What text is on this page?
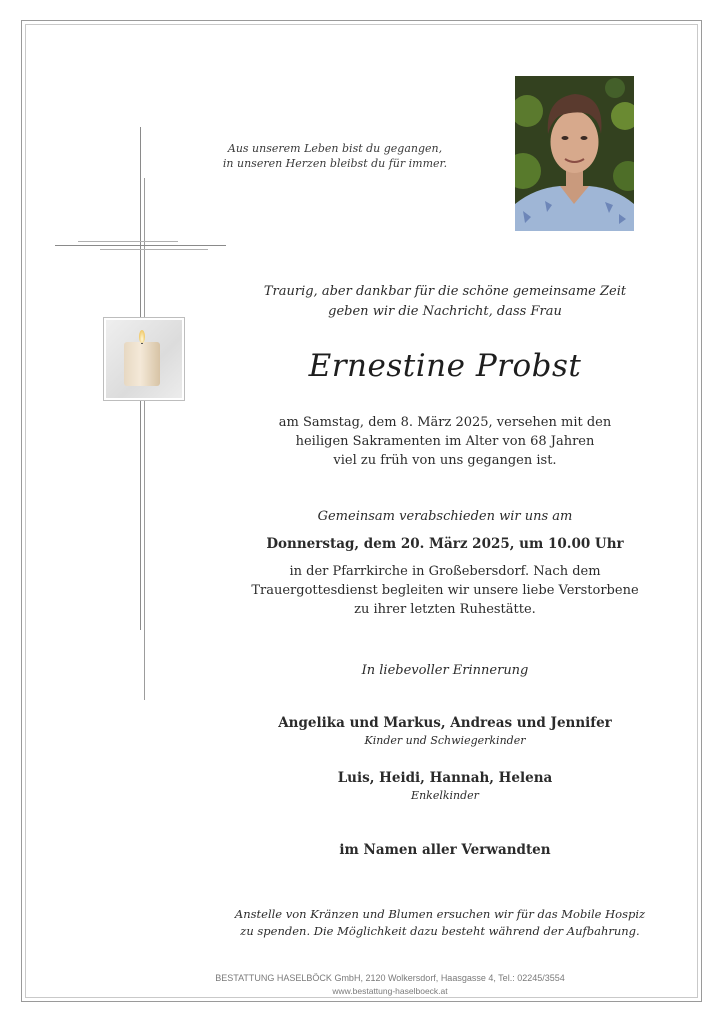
Aus unserem Leben bist du gegangen,
in unseren Herzen bleibst du für immer.
Traurig, aber dankbar für die schöne gemeinsame Zeit
geben wir die Nachricht, dass Frau
Ernestine Probst
am Samstag, dem 8. März 2025, versehen mit den
heiligen Sakramenten im Alter von 68 Jahren
viel zu früh von uns gegangen ist.
Gemeinsam verabschieden wir uns am
Donnerstag, dem 20. März 2025, um 10.00 Uhr
in der Pfarrkirche in Großebersdorf. Nach dem
Trauergottesdienst begleiten wir unsere liebe Verstorbene
zu ihrer letzten Ruhestätte.
In liebevoller Erinnerung
Angelika und Markus, Andreas und Jennifer
Kinder und Schwiegerkinder
Luis, Heidi, Hannah, Helena
Enkelkinder
im Namen aller Verwandten
Anstelle von Kränzen und Blumen ersuchen wir für das Mobile Hospiz
zu spenden. Die Möglichkeit dazu besteht während der Aufbahrung.
BESTATTUNG HASELBÖCK GmbH, 2120 Wolkersdorf, Haasgasse 4, Tel.: 02245/3554
www.bestattung-haselboeck.at
